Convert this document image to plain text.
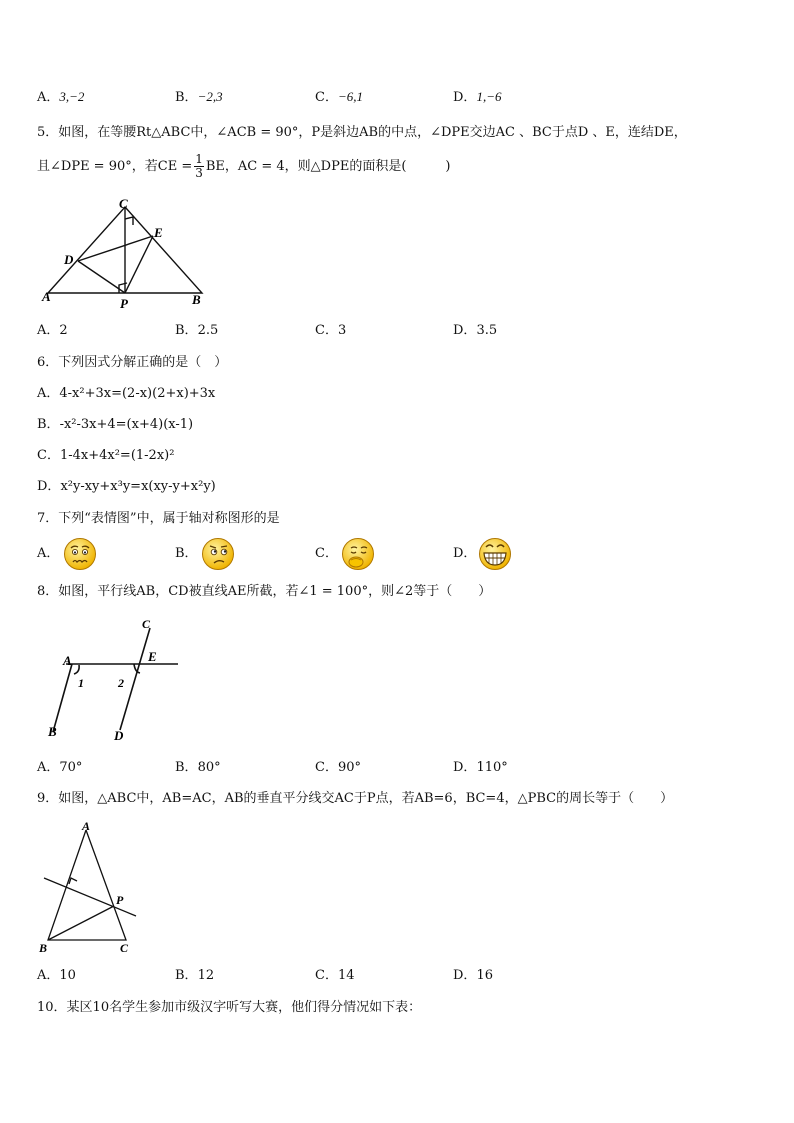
A．3,−2	B．−2,3	C．−6,1	D．1,−6
5．如图，在等腰Rt△ABC中，∠ACB = 90°，P是斜边AB的中点，∠DPE交边AC 、BC于点D 、E，连结DE，
且∠DPE = 90°，若CE = $\frac{1}{3}$ BE，AC = 4，则△DPE的面积是(　　　)
C
E
D
A	P	B
A．2	B．2.5	C．3	D．3.5
6．下列因式分解正确的是（　）
A．4-x²+3x=(2-x)(2+x)+3x
B．-x²-3x+4=(x+4)(x-1)
C．1-4x+4x²=(1-2x)²
D．x²y-xy+x³y=x(xy-y+x²y)
7．下列“表情图”中，属于轴对称图形的是
A．	B．	C．	D．
8．如图，平行线AB，CD被直线AE所截，若∠1 = 100°，则∠2等于（　　）
C
A	E
1	2
B	D
A．70°	B．80°	C．90°	D．110°
9．如图，△ABC中，AB=AC，AB的垂直平分线交AC于P点，若AB=6，BC=4，△PBC的周长等于（　　）
A
P
B	C
A．10	B．12	C．14	D．16
10．某区10名学生参加市级汉字听写大赛，他们得分情况如下表：
